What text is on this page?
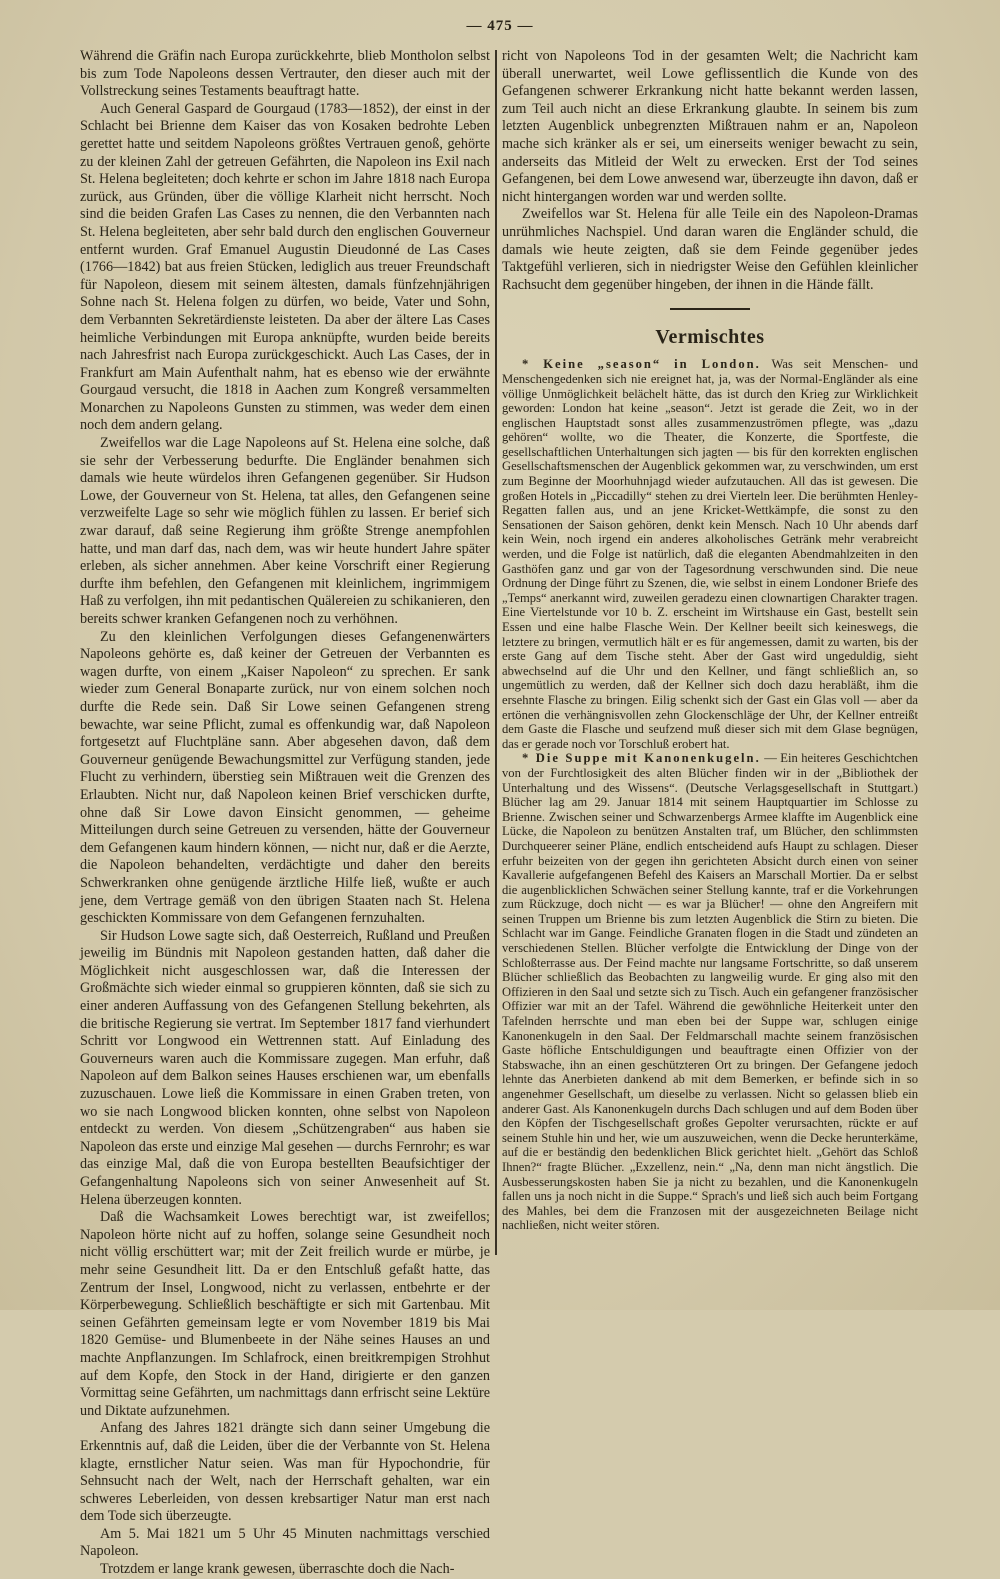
— 475 —

Während die Gräfin nach Europa zurückkehrte, blieb Montholon selbst bis zum Tode Napoleons dessen Vertrauter, den dieser auch mit der Vollstreckung seines Testaments beauftragt hatte.

Auch General Gaspard de Gourgaud (1783—1852), der einst in der Schlacht bei Brienne dem Kaiser das von Kosaken bedrohte Leben gerettet hatte und seitdem Napoleons größtes Vertrauen genoß, gehörte zu der kleinen Zahl der getreuen Gefährten, die Napoleon ins Exil nach St. Helena begleiteten; doch kehrte er schon im Jahre 1818 nach Europa zurück, aus Gründen, über die völlige Klarheit nicht herrscht. Noch sind die beiden Grafen Las Cases zu nennen, die den Verbannten nach St. Helena begleiteten, aber sehr bald durch den englischen Gouverneur entfernt wurden. Graf Emanuel Augustin Dieudonné de Las Cases (1766—1842) bat aus freien Stücken, lediglich aus treuer Freundschaft für Napoleon, diesem mit seinem ältesten, damals fünfzehnjährigen Sohne nach St. Helena folgen zu dürfen, wo beide, Vater und Sohn, dem Verbannten Sekretärdienste leisteten. Da aber der ältere Las Cases heimliche Verbindungen mit Europa anknüpfte, wurden beide bereits nach Jahresfrist nach Europa zurückgeschickt. Auch Las Cases, der in Frankfurt am Main Aufenthalt nahm, hat es ebenso wie der erwähnte Gourgaud versucht, die 1818 in Aachen zum Kongreß versammelten Monarchen zu Napoleons Gunsten zu stimmen, was weder dem einen noch dem andern gelang.

Zweifellos war die Lage Napoleons auf St. Helena eine solche, daß sie sehr der Verbesserung bedurfte. Die Engländer benahmen sich damals wie heute würdelos ihren Gefangenen gegenüber. Sir Hudson Lowe, der Gouverneur von St. Helena, tat alles, den Gefangenen seine verzweifelte Lage so sehr wie möglich fühlen zu lassen. Er berief sich zwar darauf, daß seine Regierung ihm größte Strenge anempfohlen hatte, und man darf das, nach dem, was wir heute hundert Jahre später erleben, als sicher annehmen. Aber keine Vorschrift einer Regierung durfte ihm befehlen, den Gefangenen mit kleinlichem, ingrimmigem Haß zu verfolgen, ihn mit pedantischen Quälereien zu schikanieren, den bereits schwer kranken Gefangenen noch zu verhöhnen.

Zu den kleinlichen Verfolgungen dieses Gefangenenwärters Napoleons gehörte es, daß keiner der Getreuen der Verbannten es wagen durfte, von einem „Kaiser Napoleon“ zu sprechen. Er sank wieder zum General Bonaparte zurück, nur von einem solchen noch durfte die Rede sein. Daß Sir Lowe seinen Gefangenen streng bewachte, war seine Pflicht, zumal es offenkundig war, daß Napoleon fortgesetzt auf Fluchtpläne sann. Aber abgesehen davon, daß dem Gouverneur genügende Bewachungsmittel zur Verfügung standen, jede Flucht zu verhindern, überstieg sein Mißtrauen weit die Grenzen des Erlaubten. Nicht nur, daß Napoleon keinen Brief verschicken durfte, ohne daß Sir Lowe davon Einsicht genommen, — geheime Mitteilungen durch seine Getreuen zu versenden, hätte der Gouverneur dem Gefangenen kaum hindern können, — nicht nur, daß er die Aerzte, die Napoleon behandelten, verdächtigte und daher den bereits Schwerkranken ohne genügende ärztliche Hilfe ließ, wußte er auch jene, dem Vertrage gemäß von den übrigen Staaten nach St. Helena geschickten Kommissare von dem Gefangenen fernzuhalten.

Sir Hudson Lowe sagte sich, daß Oesterreich, Rußland und Preußen jeweilig im Bündnis mit Napoleon gestanden hatten, daß daher die Möglichkeit nicht ausgeschlossen war, daß die Interessen der Großmächte sich wieder einmal so gruppieren könnten, daß sie sich zu einer anderen Auffassung von des Gefangenen Stellung bekehrten, als die britische Regierung sie vertrat. Im September 1817 fand vierhundert Schritt vor Longwood ein Wettrennen statt. Auf Einladung des Gouverneurs waren auch die Kommissare zugegen. Man erfuhr, daß Napoleon auf dem Balkon seines Hauses erschienen war, um ebenfalls zuzuschauen. Lowe ließ die Kommissare in einen Graben treten, von wo sie nach Longwood blicken konnten, ohne selbst von Napoleon entdeckt zu werden. Von diesem „Schützengraben“ aus haben sie Napoleon das erste und einzige Mal gesehen — durchs Fernrohr; es war das einzige Mal, daß die von Europa bestellten Beaufsichtiger der Gefangenhaltung Napoleons sich von seiner Anwesenheit auf St. Helena überzeugen konnten.

Daß die Wachsamkeit Lowes berechtigt war, ist zweifellos; Napoleon hörte nicht auf zu hoffen, solange seine Gesundheit noch nicht völlig erschüttert war; mit der Zeit freilich wurde er mürbe, je mehr seine Gesundheit litt. Da er den Entschluß gefaßt hatte, das Zentrum der Insel, Longwood, nicht zu verlassen, entbehrte er der Körperbewegung. Schließlich beschäftigte er sich mit Gartenbau. Mit seinen Gefährten gemeinsam legte er vom November 1819 bis Mai 1820 Gemüse- und Blumenbeete in der Nähe seines Hauses an und machte Anpflanzungen. Im Schlafrock, einen breitkrempigen Strohhut auf dem Kopfe, den Stock in der Hand, dirigierte er den ganzen Vormittag seine Gefährten, um nachmittags dann erfrischt seine Lektüre und Diktate aufzunehmen.

Anfang des Jahres 1821 drängte sich dann seiner Umgebung die Erkenntnis auf, daß die Leiden, über die der Verbannte von St. Helena klagte, ernstlicher Natur seien. Was man für Hypochondrie, für Sehnsucht nach der Welt, nach der Herrschaft gehalten, war ein schweres Leberleiden, von dessen krebsartiger Natur man erst nach dem Tode sich überzeugte.

Am 5. Mai 1821 um 5 Uhr 45 Minuten nachmittags verschied Napoleon.

Trotzdem er lange krank gewesen, überraschte doch die Nach-

richt von Napoleons Tod in der gesamten Welt; die Nachricht kam überall unerwartet, weil Lowe geflissentlich die Kunde von des Gefangenen schwerer Erkrankung nicht hatte bekannt werden lassen, zum Teil auch nicht an diese Erkrankung glaubte. In seinem bis zum letzten Augenblick unbegrenzten Mißtrauen nahm er an, Napoleon mache sich kränker als er sei, um einerseits weniger bewacht zu sein, anderseits das Mitleid der Welt zu erwecken. Erst der Tod seines Gefangenen, bei dem Lowe anwesend war, überzeugte ihn davon, daß er nicht hintergangen worden war und werden sollte.

Zweifellos war St. Helena für alle Teile ein des Napoleon-Dramas unrühmliches Nachspiel. Und daran waren die Engländer schuld, die damals wie heute zeigten, daß sie dem Feinde gegenüber jedes Taktgefühl verlieren, sich in niedrigster Weise den Gefühlen kleinlicher Rachsucht dem gegenüber hingeben, der ihnen in die Hände fällt.

Vermischtes

* Keine „season“ in London. Was seit Menschen- und Menschengedenken sich nie ereignet hat, ja, was der Normal-Engländer als eine völlige Unmöglichkeit belächelt hätte, das ist durch den Krieg zur Wirklichkeit geworden: London hat keine „season“. Jetzt ist gerade die Zeit, wo in der englischen Hauptstadt sonst alles zusammenzuströmen pflegte, was „dazu gehören“ wollte, wo die Theater, die Konzerte, die Sportfeste, die gesellschaftlichen Unterhaltungen sich jagten — bis für den korrekten englischen Gesellschaftsmenschen der Augenblick gekommen war, zu verschwinden, um erst zum Beginne der Moorhuhnjagd wieder aufzutauchen. All das ist gewesen. Die großen Hotels in „Piccadilly“ stehen zu drei Vierteln leer. Die berühmten Henley-Regatten fallen aus, und an jene Kricket-Wettkämpfe, die sonst zu den Sensationen der Saison gehören, denkt kein Mensch. Nach 10 Uhr abends darf kein Wein, noch irgend ein anderes alkoholisches Getränk mehr verabreicht werden, und die Folge ist natürlich, daß die eleganten Abendmahlzeiten in den Gasthöfen ganz und gar von der Tagesordnung verschwunden sind. Die neue Ordnung der Dinge führt zu Szenen, die, wie selbst in einem Londoner Briefe des „Temps“ anerkannt wird, zuweilen geradezu einen clownartigen Charakter tragen. Eine Viertelstunde vor 10 b. Z. erscheint im Wirtshause ein Gast, bestellt sein Essen und eine halbe Flasche Wein. Der Kellner beeilt sich keineswegs, die letztere zu bringen, vermutlich hält er es für angemessen, damit zu warten, bis der erste Gang auf dem Tische steht. Aber der Gast wird ungeduldig, sieht abwechselnd auf die Uhr und den Kellner, und fängt schließlich an, so ungemütlich zu werden, daß der Kellner sich doch dazu herabläßt, ihm die ersehnte Flasche zu bringen. Eilig schenkt sich der Gast ein Glas voll — aber da ertönen die verhängnisvollen zehn Glockenschläge der Uhr, der Kellner entreißt dem Gaste die Flasche und seufzend muß dieser sich mit dem Glase begnügen, das er gerade noch vor Torschluß erobert hat.

* Die Suppe mit Kanonenkugeln. — Ein heiteres Geschichtchen von der Furchtlosigkeit des alten Blücher finden wir in der „Bibliothek der Unterhaltung und des Wissens“. (Deutsche Verlagsgesellschaft in Stuttgart.) Blücher lag am 29. Januar 1814 mit seinem Hauptquartier im Schlosse zu Brienne. Zwischen seiner und Schwarzenbergs Armee klaffte im Augenblick eine Lücke, die Napoleon zu benützen Anstalten traf, um Blücher, den schlimmsten Durchqueerer seiner Pläne, endlich entscheidend aufs Haupt zu schlagen. Dieser erfuhr beizeiten von der gegen ihn gerichteten Absicht durch einen von seiner Kavallerie aufgefangenen Befehl des Kaisers an Marschall Mortier. Da er selbst die augenblicklichen Schwächen seiner Stellung kannte, traf er die Vorkehrungen zum Rückzuge, doch nicht — es war ja Blücher! — ohne den Angreifern mit seinen Truppen um Brienne bis zum letzten Augenblick die Stirn zu bieten. Die Schlacht war im Gange. Feindliche Granaten flogen in die Stadt und zündeten an verschiedenen Stellen. Blücher verfolgte die Entwicklung der Dinge von der Schloßterrasse aus. Der Feind machte nur langsame Fortschritte, so daß unserem Blücher schließlich das Beobachten zu langweilig wurde. Er ging also mit den Offizieren in den Saal und setzte sich zu Tisch. Auch ein gefangener französischer Offizier war mit an der Tafel. Während die gewöhnliche Heiterkeit unter den Tafelnden herrschte und man eben bei der Suppe war, schlugen einige Kanonenkugeln in den Saal. Der Feldmarschall machte seinem französischen Gaste höfliche Entschuldigungen und beauftragte einen Offizier von der Stabswache, ihn an einen geschützteren Ort zu bringen. Der Gefangene jedoch lehnte das Anerbieten dankend ab mit dem Bemerken, er befinde sich in so angenehmer Gesellschaft, um dieselbe zu verlassen. Nicht so gelassen blieb ein anderer Gast. Als Kanonenkugeln durchs Dach schlugen und auf dem Boden über den Köpfen der Tischgesellschaft großes Gepolter verursachten, rückte er auf seinem Stuhle hin und her, wie um auszuweichen, wenn die Decke herunterkäme, auf die er beständig den bedenklichen Blick gerichtet hielt. „Gehört das Schloß Ihnen?“ fragte Blücher. „Exzellenz, nein.“ „Na, denn man nicht ängstlich. Die Ausbesserungskosten haben Sie ja nicht zu bezahlen, und die Kanonenkugeln fallen uns ja noch nicht in die Suppe.“ Sprach's und ließ sich auch beim Fortgang des Mahles, bei dem die Franzosen mit der ausgezeichneten Beilage nicht nachließen, nicht weiter stören.
